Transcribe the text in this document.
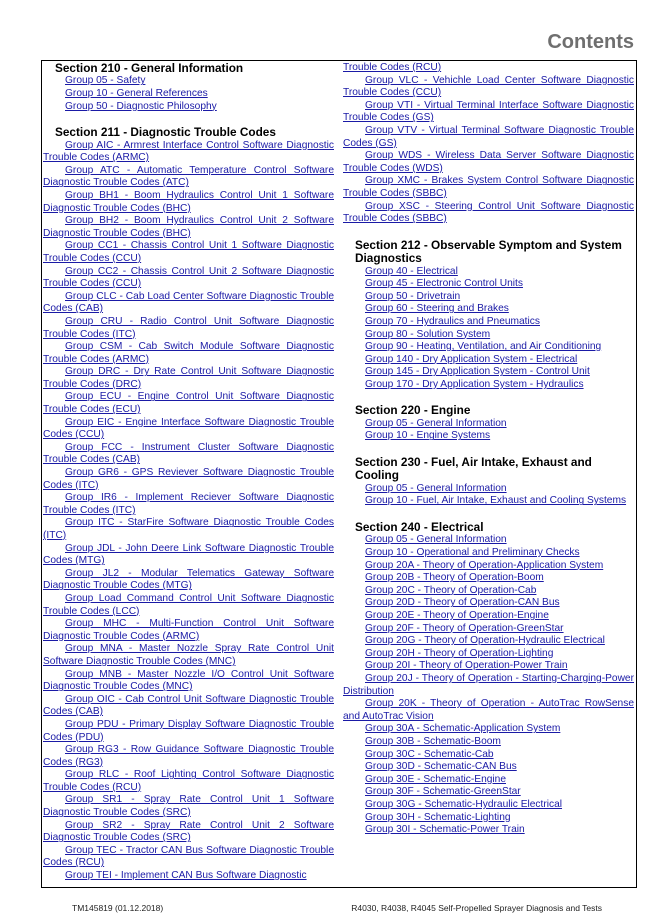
Contents

Section 210 - General Information

Group 05 - Safety
Group 10 - General References
Group 50 - Diagnostic Philosophy

Section 211 - Diagnostic Trouble Codes

Group AIC - Armrest Interface Control Software Diagnostic Trouble Codes (ARMC)
Group ATC - Automatic Temperature Control Software Diagnostic Trouble Codes (ATC)
Group BH1 - Boom Hydraulics Control Unit 1 Software Diagnostic Trouble Codes (BHC)
Group BH2 - Boom Hydraulics Control Unit 2 Software Diagnostic Trouble Codes (BHC)
Group CC1 - Chassis Control Unit 1 Software Diagnostic Trouble Codes (CCU)
Group CC2 - Chassis Control Unit 2 Software Diagnostic Trouble Codes (CCU)
Group CLC - Cab Load Center Software Diagnostic Trouble Codes (CAB)
Group CRU - Radio Control Unit Software Diagnostic Trouble Codes (ITC)
Group CSM - Cab Switch Module Software Diagnostic Trouble Codes (ARMC)
Group DRC - Dry Rate Control Unit Software Diagnostic Trouble Codes (DRC)
Group ECU - Engine Control Unit Software Diagnostic Trouble Codes (ECU)
Group EIC - Engine Interface Software Diagnostic Trouble Codes (CCU)
Group FCC - Instrument Cluster Software Diagnostic Trouble Codes (CAB)
Group GR6 - GPS Reviever Software Diagnostic Trouble Codes (ITC)
Group IR6 - Implement Reciever Software Diagnostic Trouble Codes (ITC)
Group ITC - StarFire Software Diagnostic Trouble Codes (ITC)
Group JDL - John Deere Link Software Diagnostic Trouble Codes (MTG)
Group JL2 - Modular Telematics Gateway Software Diagnostic Trouble Codes (MTG)
Group Load Command Control Unit Software Diagnostic Trouble Codes (LCC)
Group MHC - Multi-Function Control Unit Software Diagnostic Trouble Codes (ARMC)
Group MNA - Master Nozzle Spray Rate Control Unit Software Diagnostic Trouble Codes (MNC)
Group MNB - Master Nozzle I/O Control Unit Software Diagnostic Trouble Codes (MNC)
Group OIC - Cab Control Unit Software Diagnostic Trouble Codes (CAB)
Group PDU - Primary Display Software Diagnostic Trouble Codes (PDU)
Group RG3 - Row Guidance Software Diagnostic Trouble Codes (RG3)
Group RLC - Roof Lighting Control Software Diagnostic Trouble Codes (RCU)
Group SR1 - Spray Rate Control Unit 1 Software Diagnostic Trouble Codes (SRC)
Group SR2 - Spray Rate Control Unit 2 Software Diagnostic Trouble Codes (SRC)
Group TEC - Tractor CAN Bus Software Diagnostic Trouble Codes (RCU)
Group TEI - Implement CAN Bus Software Diagnostic
Trouble Codes (RCU)
Group VLC - Vehichle Load Center Software Diagnostic Trouble Codes (CCU)
Group VTI - Virtual Terminal Interface Software Diagnostic Trouble Codes (GS)
Group VTV - Virtual Terminal Software Diagnostic Trouble Codes (GS)
Group WDS - Wireless Data Server Software Diagnostic Trouble Codes (WDS)
Group XMC - Brakes System Control Software Diagnostic Trouble Codes (SBBC)
Group XSC - Steering Control Unit Software Diagnostic Trouble Codes (SBBC)

Section 212 - Observable Symptom and System Diagnostics

Group 40 - Electrical
Group 45 - Electronic Control Units
Group 50 - Drivetrain
Group 60 - Steering and Brakes
Group 70 - Hydraulics and Pneumatics
Group 80 - Solution System
Group 90 - Heating, Ventilation, and Air Conditioning
Group 140 - Dry Application System - Electrical
Group 145 - Dry Application System - Control Unit
Group 170 - Dry Application System - Hydraulics

Section 220 - Engine

Group 05 - General Information
Group 10 - Engine Systems

Section 230 - Fuel, Air Intake, Exhaust and Cooling

Group 05 - General Information
Group 10 - Fuel, Air Intake, Exhaust and Cooling Systems

Section 240 - Electrical

Group 05 - General Information
Group 10 - Operational and Preliminary Checks
Group 20A - Theory of Operation-Application System
Group 20B - Theory of Operation-Boom
Group 20C - Theory of Operation-Cab
Group 20D - Theory of Operation-CAN Bus
Group 20E - Theory of Operation-Engine
Group 20F - Theory of Operation-GreenStar
Group 20G - Theory of Operation-Hydraulic Electrical
Group 20H - Theory of Operation-Lighting
Group 20I - Theory of Operation-Power Train
Group 20J - Theory of Operation - Starting-Charging-Power Distribution
Group 20K - Theory of Operation - AutoTrac RowSense and AutoTrac Vision
Group 30A - Schematic-Application System
Group 30B - Schematic-Boom
Group 30C - Schematic-Cab
Group 30D - Schematic-CAN Bus
Group 30E - Schematic-Engine
Group 30F - Schematic-GreenStar
Group 30G - Schematic-Hydraulic Electrical
Group 30H - Schematic-Lighting
Group 30I - Schematic-Power Train
TM145819 (01.12.2018)	R4030, R4038, R4045 Self-Propelled Sprayer Diagnosis and Tests
